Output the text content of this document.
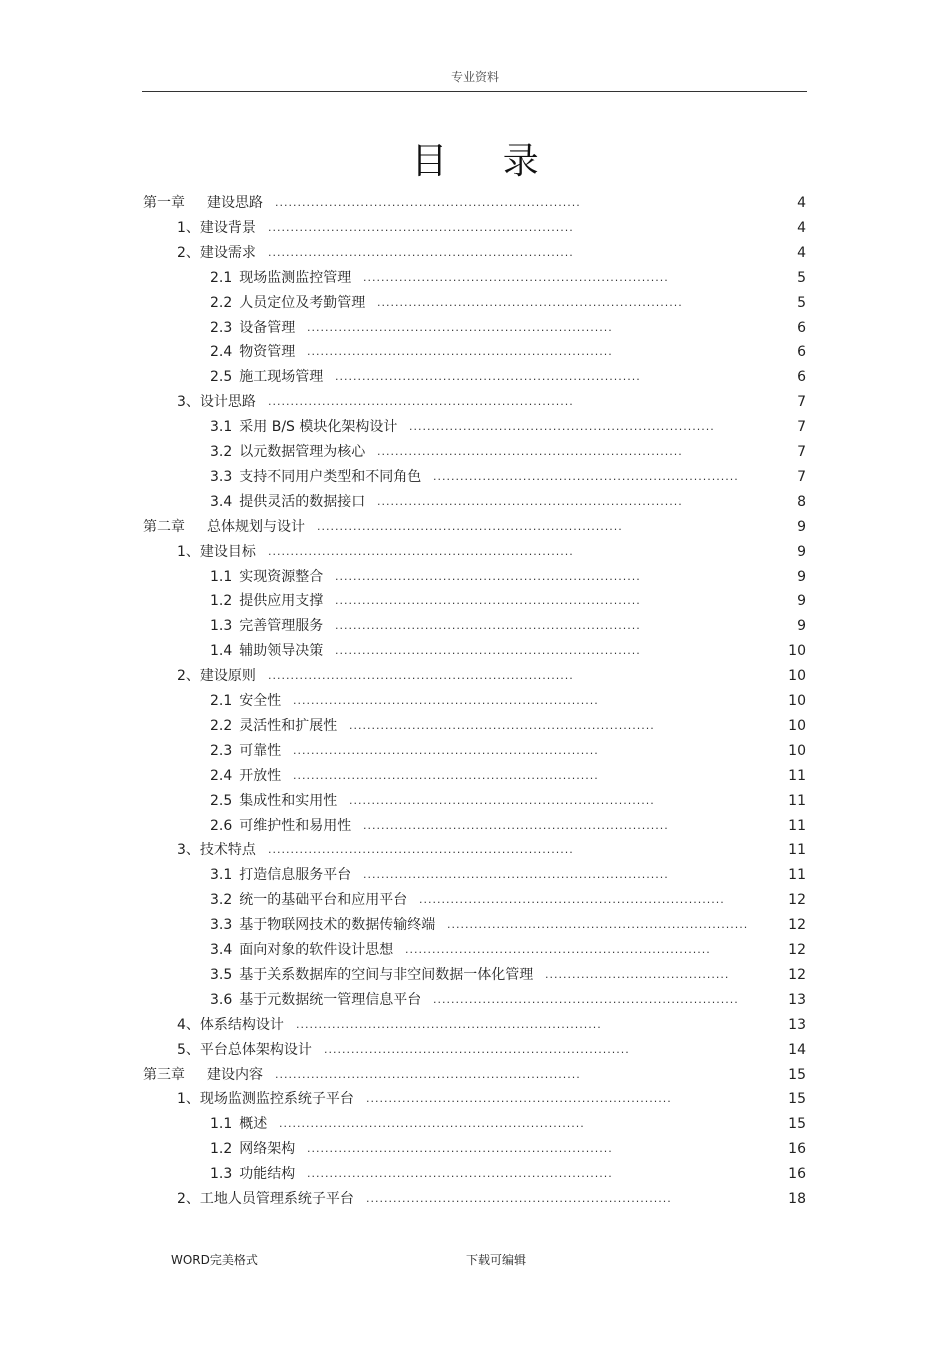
专业资料
目 录
第一章 建设思路 ....................................................................	4
1、建设背景 ....................................................................	4
2、建设需求 ....................................................................	4
2.1 现场监测监控管理 ....................................................................	5
2.2 人员定位及考勤管理 ....................................................................	5
2.3 设备管理 ....................................................................	6
2.4 物资管理 ....................................................................	6
2.5 施工现场管理 ....................................................................	6
3、设计思路 ....................................................................	7
3.1 采用 B/S 模块化架构设计 ....................................................................	7
3.2 以元数据管理为核心 ....................................................................	7
3.3 支持不同用户类型和不同角色 ....................................................................	7
3.4 提供灵活的数据接口 ....................................................................	8
第二章 总体规划与设计 ....................................................................	9
1、建设目标 ....................................................................	9
1.1 实现资源整合 ....................................................................	9
1.2 提供应用支撑 ....................................................................	9
1.3 完善管理服务 ....................................................................	9
1.4 辅助领导决策 ....................................................................	10
2、建设原则 ....................................................................	10
2.1 安全性 ....................................................................	10
2.2 灵活性和扩展性 ....................................................................	10
2.3 可靠性 ....................................................................	10
2.4 开放性 ....................................................................	11
2.5 集成性和实用性 ....................................................................	11
2.6 可维护性和易用性 ....................................................................	11
3、技术特点 ....................................................................	11
3.1 打造信息服务平台 ....................................................................	11
3.2 统一的基础平台和应用平台 ....................................................................	12
3.3 基于物联网技术的数据传输终端 ...................................................................	12
3.4 面向对象的软件设计思想 ....................................................................	12
3.5 基于关系数据库的空间与非空间数据一体化管理 .........................................	12
3.6 基于元数据统一管理信息平台 ....................................................................	13
4、体系结构设计 ....................................................................	13
5、平台总体架构设计 ....................................................................	14
第三章 建设内容 ....................................................................	15
1、现场监测监控系统子平台 ....................................................................	15
1.1 概述 ....................................................................	15
1.2 网络架构 ....................................................................	16
1.3 功能结构 ....................................................................	16
2、工地人员管理系统子平台 ....................................................................	18
WORD完美格式	下载可编辑
